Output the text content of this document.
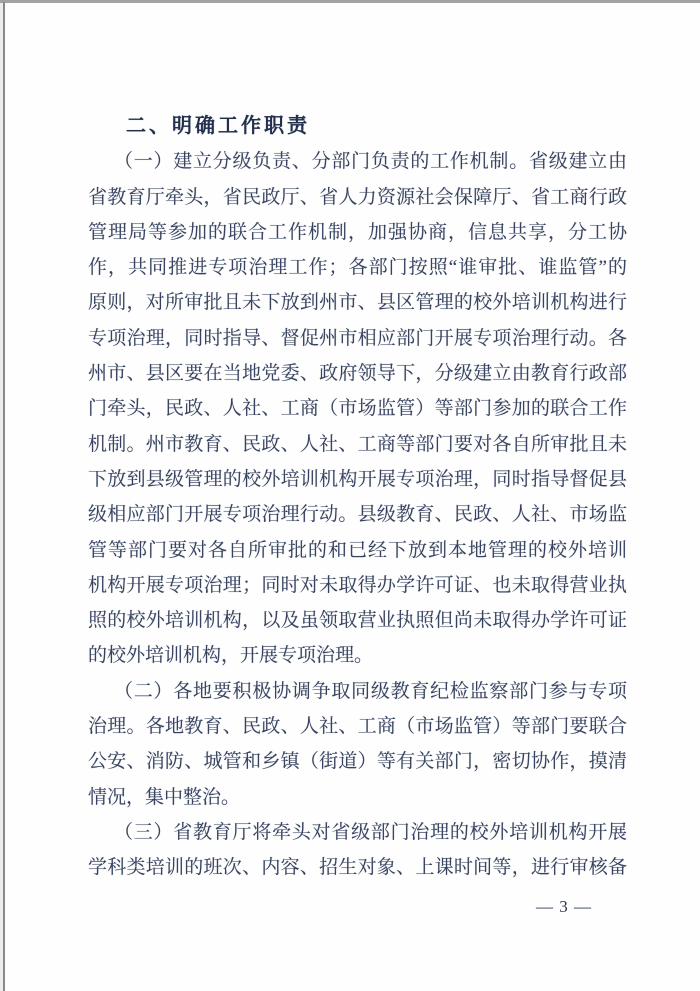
二、明确工作职责
（一）建立分级负责、分部门负责的工作机制。省级建立由
省教育厅牵头，省民政厅、省人力资源社会保障厅、省工商行政
管理局等参加的联合工作机制，加强协商，信息共享，分工协
作，共同推进专项治理工作；各部门按照“谁审批、谁监管”的
原则，对所审批且未下放到州市、县区管理的校外培训机构进行
专项治理，同时指导、督促州市相应部门开展专项治理行动。各
州市、县区要在当地党委、政府领导下，分级建立由教育行政部
门牵头，民政、人社、工商（市场监管）等部门参加的联合工作
机制。州市教育、民政、人社、工商等部门要对各自所审批且未
下放到县级管理的校外培训机构开展专项治理，同时指导督促县
级相应部门开展专项治理行动。县级教育、民政、人社、市场监
管等部门要对各自所审批的和已经下放到本地管理的校外培训
机构开展专项治理；同时对未取得办学许可证、也未取得营业执
照的校外培训机构，以及虽领取营业执照但尚未取得办学许可证
的校外培训机构，开展专项治理。
（二）各地要积极协调争取同级教育纪检监察部门参与专项
治理。各地教育、民政、人社、工商（市场监管）等部门要联合
公安、消防、城管和乡镇（街道）等有关部门，密切协作，摸清
情况，集中整治。
（三）省教育厅将牵头对省级部门治理的校外培训机构开展
学科类培训的班次、内容、招生对象、上课时间等，进行审核备
— 3 —
